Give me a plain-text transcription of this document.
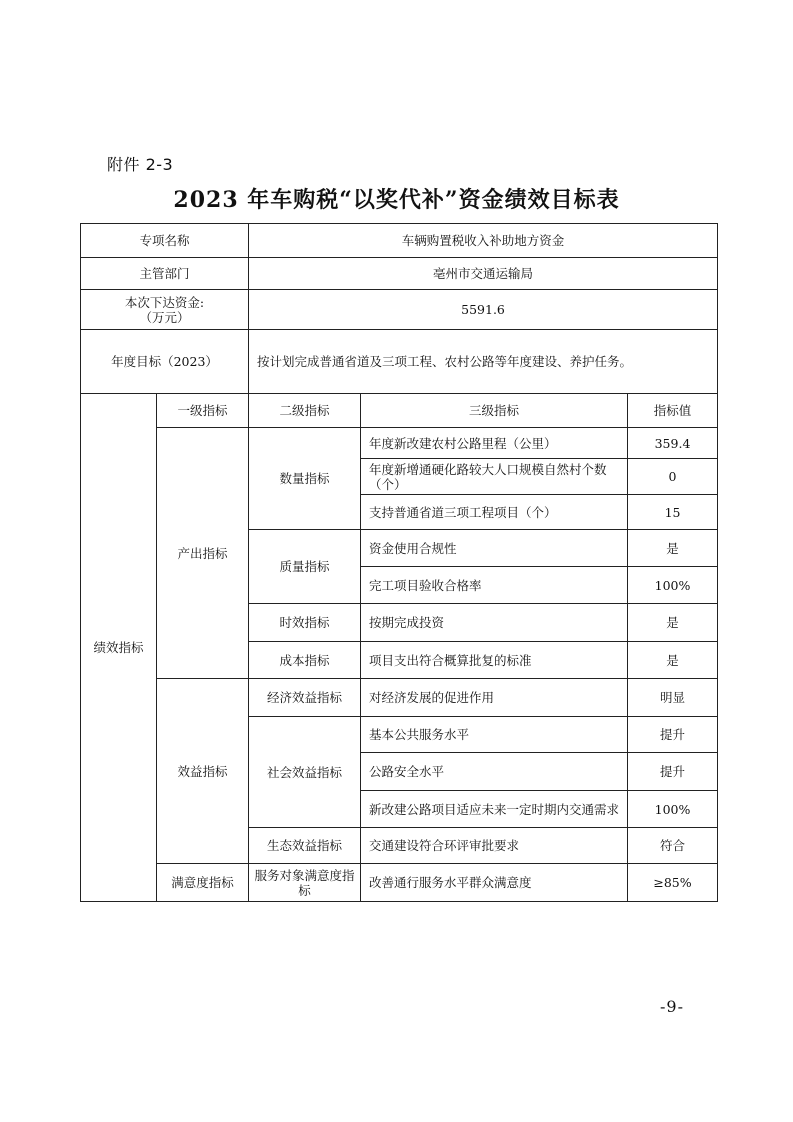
附件 2-3
2023 年车购税“以奖代补”资金绩效目标表
专项名称		车辆购置税收入补助地方资金		
主管部门		亳州市交通运输局		

本次下达资金:
（万元）		5591.6		
年度目标（2023）		按计划完成普通省道及三项工程、农村公路等年度建设、养护任务。		
绩效指标	一级指标	二级指标	三级指标	指标值
	产出指标	数量指标	年度新改建农村公路里程（公里）	359.4
			年度新增通硬化路较大人口规模自然村个数（个）	0
			支持普通省道三项工程项目（个）	15
		质量指标	资金使用合规性	是
			完工项目验收合格率	100%
		时效指标	按期完成投资	是
		成本指标	项目支出符合概算批复的标准	是
	效益指标	经济效益指标	对经济发展的促进作用	明显
		社会效益指标	基本公共服务水平	提升
			公路安全水平	提升
			新改建公路项目适应未来一定时期内交通需求	100%
		生态效益指标	交通建设符合环评审批要求	符合
	满意度指标	服务对象满意度指标	改善通行服务水平群众满意度	≥85%
-9-
